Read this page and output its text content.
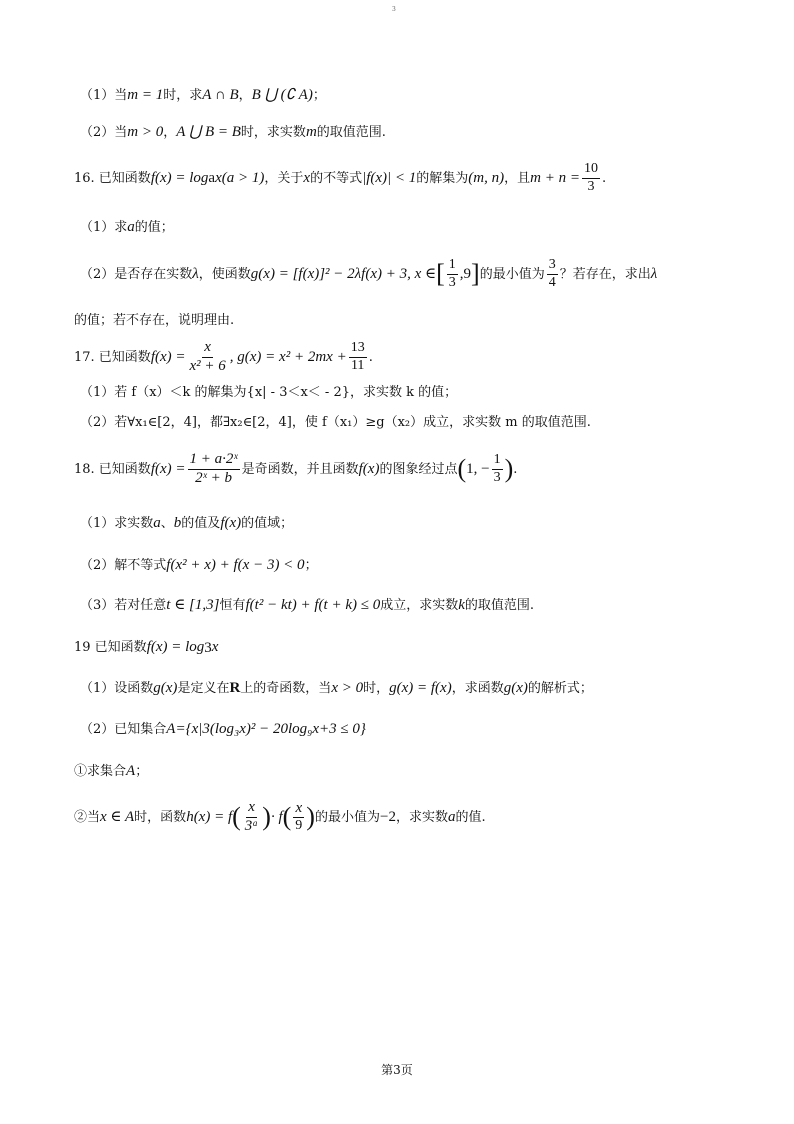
3
（1）当 m = 1 时，求 A ∩ B ， B ⋃ (∁ A) ；
（2）当 m > 0 ， A ⋃ B = B 时，求实数 m 的取值范围.
16. 已知函数 f(x) = log a x(a > 1) ，关于 x 的不等式 |f(x)| < 1 的解集为 (m, n) ，且 $m + n = \frac{10}{3}$ .
（1）求 a 的值；
（2）是否存在实数 λ ，使函数 g(x) = [f(x)]² − 2λf(x) + 3, x ∈ [ $\frac{1}{3} ,9$ ] 的最小值为 $\frac{3}{4}$ ？若存在，求出 λ
的值；若不存在，说明理由.
17. 已知函数 $f(x) = \frac{x}{\text{x² + 6}}$ , $g(x) = x^2 + 2mx + \frac{13}{11}$ .
（1）若 f（x）＜k 的解集为{x| - 3＜x＜ - 2}，求实数 k 的值；
（2）若∀x₁∈[2，4]，都∃x₂∈[2，4]，使 f（x₁）≥g（x₂）成立，求实数 m 的取值范围.
18. 已知函数 $f(x) = \frac{\text{1 + a·2ˣ}}{\text{2ˣ + b}}$ 是奇函数，并且函数 f(x) 的图象经过点 ( 1, − $\frac{1}{3}$ ) .
（1）求实数 a 、 b 的值及 f(x) 的值域；
（2）解不等式 f(x² + x) + f(x − 3) < 0 ；
（3）若对任意 t ∈ [1,3] 恒有 f(t² − kt) + f(t + k) ≤ 0 成立，求实数 k 的取值范围.
19 已知函数 f(x) = log 3 x
（1）设函数 g(x) 是定义在 R 上的奇函数，当 x > 0 时， g(x) = f(x) ，求函数 g(x) 的解析式；
（2）已知集合 A={x|3(log₃x)² − 20log₉x+3 ≤ 0}
①求集合 A ；
②当 x ∈ A 时，函数 h(x) = f ( $\frac{x}{\text{3ᵃ}}$ ) · f ( $\frac{x}{9}$ ) 的最小值为 −2 ，求实数 a 的值.
第3页
